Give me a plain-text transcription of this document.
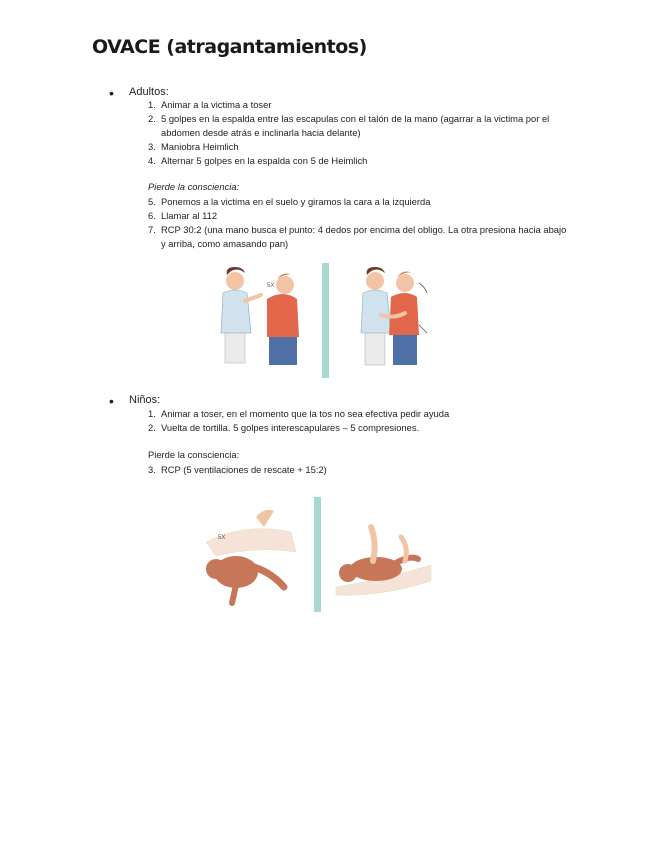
OVACE (atragantamientos)
• Adultos:
1. Animar a la victima a toser
2. 5 golpes en la espalda entre las escapulas con el talón de la mano (agarrar a la victima por el abdomen desde atrás e inclinarla hacia delante)
3. Maniobra Heimlich
4. Alternar 5 golpes en la espalda con 5 de Heimlich
Pierde la consciencia:
5. Ponemos a la victima en el suelo y giramos la cara a la izquierda
6. Llamar al 112
7. RCP 30:2 (una mano busca el punto: 4 dedos por encima del obligo. La otra presiona hacia abajo y arriba, como amasando pan)
5X
• Niños:
1. Animar a toser, en el momento que la tos no sea efectiva pedir ayuda
2. Vuelta de tortilla. 5 golpes interescapulares – 5 compresiones.
Pierde la consciencia:
3. RCP (5 ventilaciones de rescate + 15:2)
5X
